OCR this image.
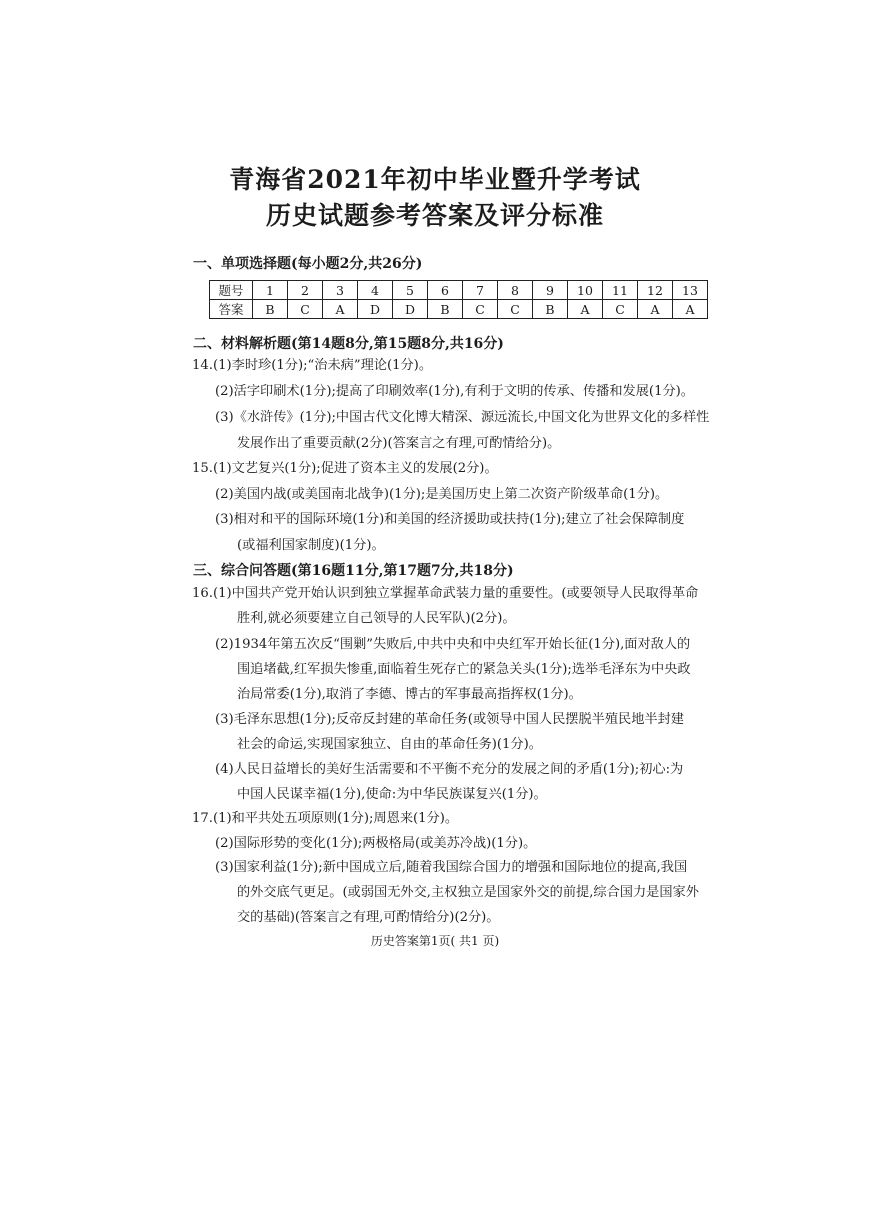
青海省2021年初中毕业暨升学考试
历史试题参考答案及评分标准
一、单项选择题(每小题2分,共26分)
题号	1	2	3	4	5	6	7	8	9	10	11	12	13
答案	B	C	A	D	D	B	C	C	B	A	C	A	A
二、材料解析题(第14题8分,第15题8分,共16分)
14.(1)李时珍(1分);“治未病”理论(1分)。
(2)活字印刷术(1分);提高了印刷效率(1分),有利于文明的传承、传播和发展(1分)。
(3)《水浒传》(1分);中国古代文化博大精深、源远流长,中国文化为世界文化的多样性
发展作出了重要贡献(2分)(答案言之有理,可酌情给分)。
15.(1)文艺复兴(1分);促进了资本主义的发展(2分)。
(2)美国内战(或美国南北战争)(1分);是美国历史上第二次资产阶级革命(1分)。
(3)相对和平的国际环境(1分)和美国的经济援助或扶持(1分);建立了社会保障制度
(或福利国家制度)(1分)。
三、综合问答题(第16题11分,第17题7分,共18分)
16.(1)中国共产党开始认识到独立掌握革命武装力量的重要性。(或要领导人民取得革命
胜利,就必须要建立自己领导的人民军队)(2分)。
(2)1934年第五次反“围剿”失败后,中共中央和中央红军开始长征(1分),面对敌人的
围追堵截,红军损失惨重,面临着生死存亡的紧急关头(1分);选举毛泽东为中央政
治局常委(1分),取消了李德、博古的军事最高指挥权(1分)。
(3)毛泽东思想(1分);反帝反封建的革命任务(或领导中国人民摆脱半殖民地半封建
社会的命运,实现国家独立、自由的革命任务)(1分)。
(4)人民日益增长的美好生活需要和不平衡不充分的发展之间的矛盾(1分);初心:为
中国人民谋幸福(1分),使命:为中华民族谋复兴(1分)。
17.(1)和平共处五项原则(1分);周恩来(1分)。
(2)国际形势的变化(1分);两极格局(或美苏冷战)(1分)。
(3)国家利益(1分);新中国成立后,随着我国综合国力的增强和国际地位的提高,我国
的外交底气更足。(或弱国无外交,主权独立是国家外交的前提,综合国力是国家外
交的基础)(答案言之有理,可酌情给分)(2分)。
历史答案第1页( 共1 页)
